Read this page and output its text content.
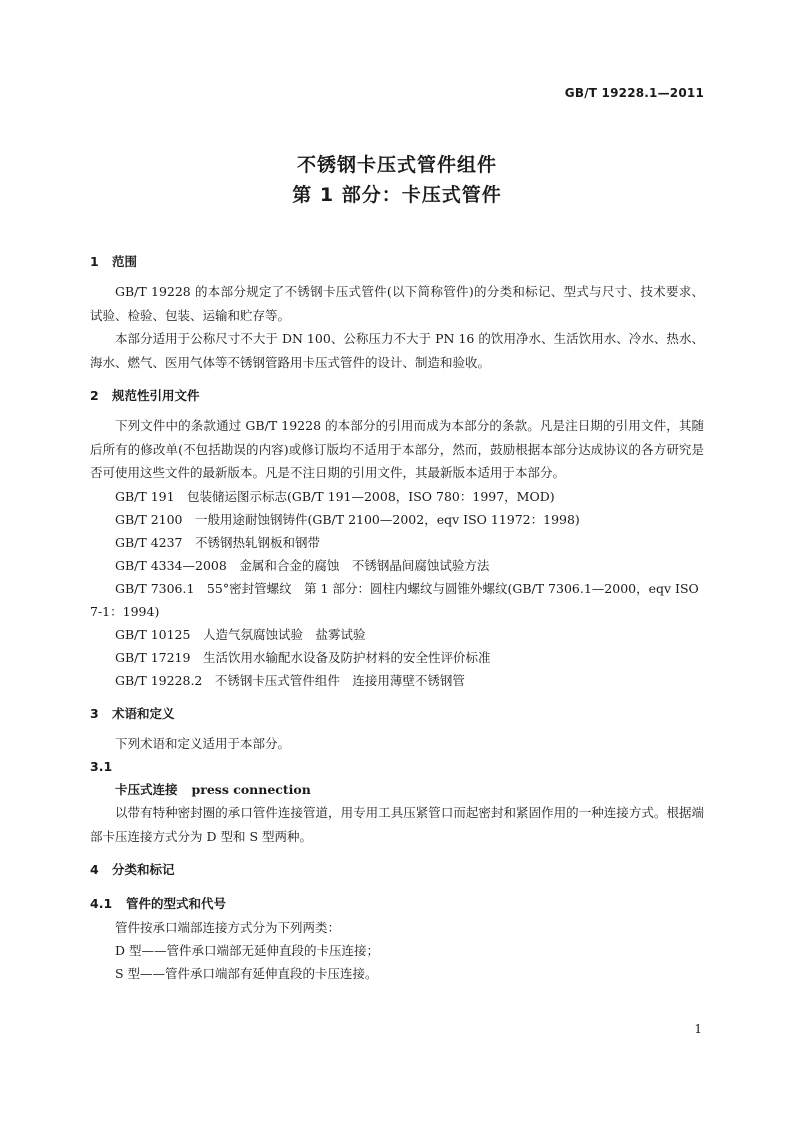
GB/T 19228.1—2011
不锈钢卡压式管件组件
第 1 部分：卡压式管件
1 范围

GB/T 19228 的本部分规定了不锈钢卡压式管件(以下简称管件)的分类和标记、型式与尺寸、技术要求、试验、检验、包装、运输和贮存等。

本部分适用于公称尺寸不大于 DN 100、公称压力不大于 PN 16 的饮用净水、生活饮用水、冷水、热水、海水、燃气、医用气体等不锈钢管路用卡压式管件的设计、制造和验收。

2 规范性引用文件

下列文件中的条款通过 GB/T 19228 的本部分的引用而成为本部分的条款。凡是注日期的引用文件，其随后所有的修改单(不包括勘误的内容)或修订版均不适用于本部分，然而，鼓励根据本部分达成协议的各方研究是否可使用这些文件的最新版本。凡是不注日期的引用文件，其最新版本适用于本部分。

GB/T 191　包装储运图示标志(GB/T 191—2008，ISO 780：1997，MOD)

GB/T 2100　一般用途耐蚀钢铸件(GB/T 2100—2002，eqv ISO 11972：1998)

GB/T 4237　不锈钢热轧钢板和钢带

GB/T 4334—2008　金属和合金的腐蚀　不锈钢晶间腐蚀试验方法

GB/T 7306.1　55°密封管螺纹　第 1 部分：圆柱内螺纹与圆锥外螺纹(GB/T 7306.1—2000，eqv ISO 7-1：1994)

GB/T 10125　人造气氛腐蚀试验　盐雾试验

GB/T 17219　生活饮用水输配水设备及防护材料的安全性评价标准

GB/T 19228.2　不锈钢卡压式管件组件　连接用薄壁不锈钢管

3 术语和定义

下列术语和定义适用于本部分。

3.1

卡压式连接 press connection

以带有特种密封圈的承口管件连接管道，用专用工具压紧管口而起密封和紧固作用的一种连接方式。根据端部卡压连接方式分为 D 型和 S 型两种。

4 分类和标记

4.1 管件的型式和代号

管件按承口端部连接方式分为下列两类：

D 型——管件承口端部无延伸直段的卡压连接；

S 型——管件承口端部有延伸直段的卡压连接。

1
